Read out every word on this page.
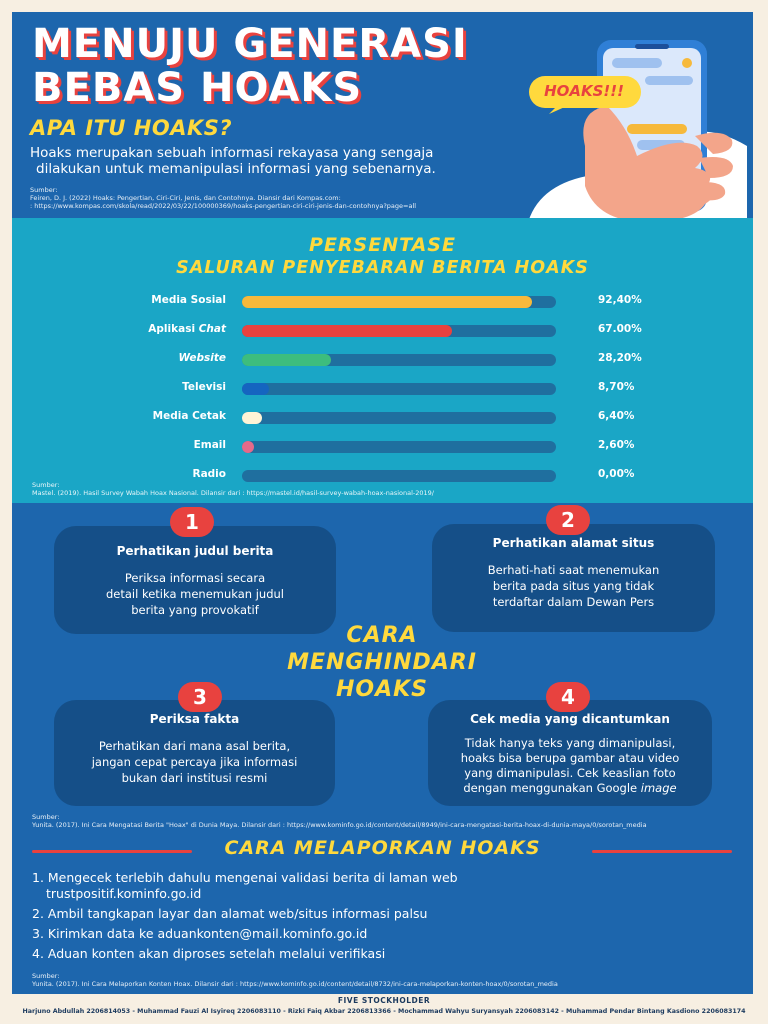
MENUJU GENERASI
BEBAS HOAKS
APA ITU HOAKS?
Hoaks merupakan sebuah informasi rekayasa yang sengaja
dilakukan untuk memanipulasi informasi yang sebenarnya.
Sumber:
Feiren, D. J. (2022) Hoaks: Pengertian, Ciri-Ciri, Jenis, dan Contohnya. Diansir dari Kompas.com:
: https://www.kompas.com/skola/read/2022/03/22/100000369/hoaks-pengertian-ciri-ciri-jenis-dan-contohnya?page=all
HOAKS!!!
PERSENTASE
SALURAN PENYEBARAN BERITA HOAKS
Media Sosial	92,40%
Aplikasi Chat	67.00%
Website	28,20%
Televisi	8,70%
Media Cetak	6,40%
Email	2,60%
Radio	0,00%
Sumber:
Mastel. (2019). Hasil Survey Wabah Hoax Nasional. Dilansir dari : https://mastel.id/hasil-survey-wabah-hoax-nasional-2019/
Perhatikan judul berita
Periksa informasi secara
detail ketika menemukan judul
berita yang provokatif
1
Perhatikan alamat situs
Berhati-hati saat menemukan
berita pada situs yang tidak
terdaftar dalam Dewan Pers
2
CARA
MENGHINDARI
HOAKS
Periksa fakta
Perhatikan dari mana asal berita,
jangan cepat percaya jika informasi
bukan dari institusi resmi
3
Cek media yang dicantumkan
Tidak hanya teks yang dimanipulasi,
hoaks bisa berupa gambar atau video
yang dimanipulasi. Cek keaslian foto
dengan menggunakan Google image
4
Sumber:
Yunita. (2017). Ini Cara Mengatasi Berita "Hoax" di Dunia Maya. Dilansir dari : https://www.kominfo.go.id/content/detail/8949/ini-cara-mengatasi-berita-hoax-di-dunia-maya/0/sorotan_media
CARA MELAPORKAN HOAKS
1. Mengecek terlebih dahulu mengenai validasi berita di laman web
trustpositif.kominfo.go.id
2. Ambil tangkapan layar dan alamat web/situs informasi palsu
3. Kirimkan data ke aduankonten@mail.kominfo.go.id
4. Aduan konten akan diproses setelah melalui verifikasi
Sumber:
Yunita. (2017). Ini Cara Melaporkan Konten Hoax. Dilansir dari : https://www.kominfo.go.id/content/detail/8732/ini-cara-melaporkan-konten-hoax/0/sorotan_media
FIVE STOCKHOLDER
Harjuno Abdullah 2206814053 - Muhammad Fauzi Al Isyireq 2206083110 - Rizki Faiq Akbar 2206813366 - Mochammad Wahyu Suryansyah 2206083142 - Muhammad Pendar Bintang Kasdiono 2206083174
